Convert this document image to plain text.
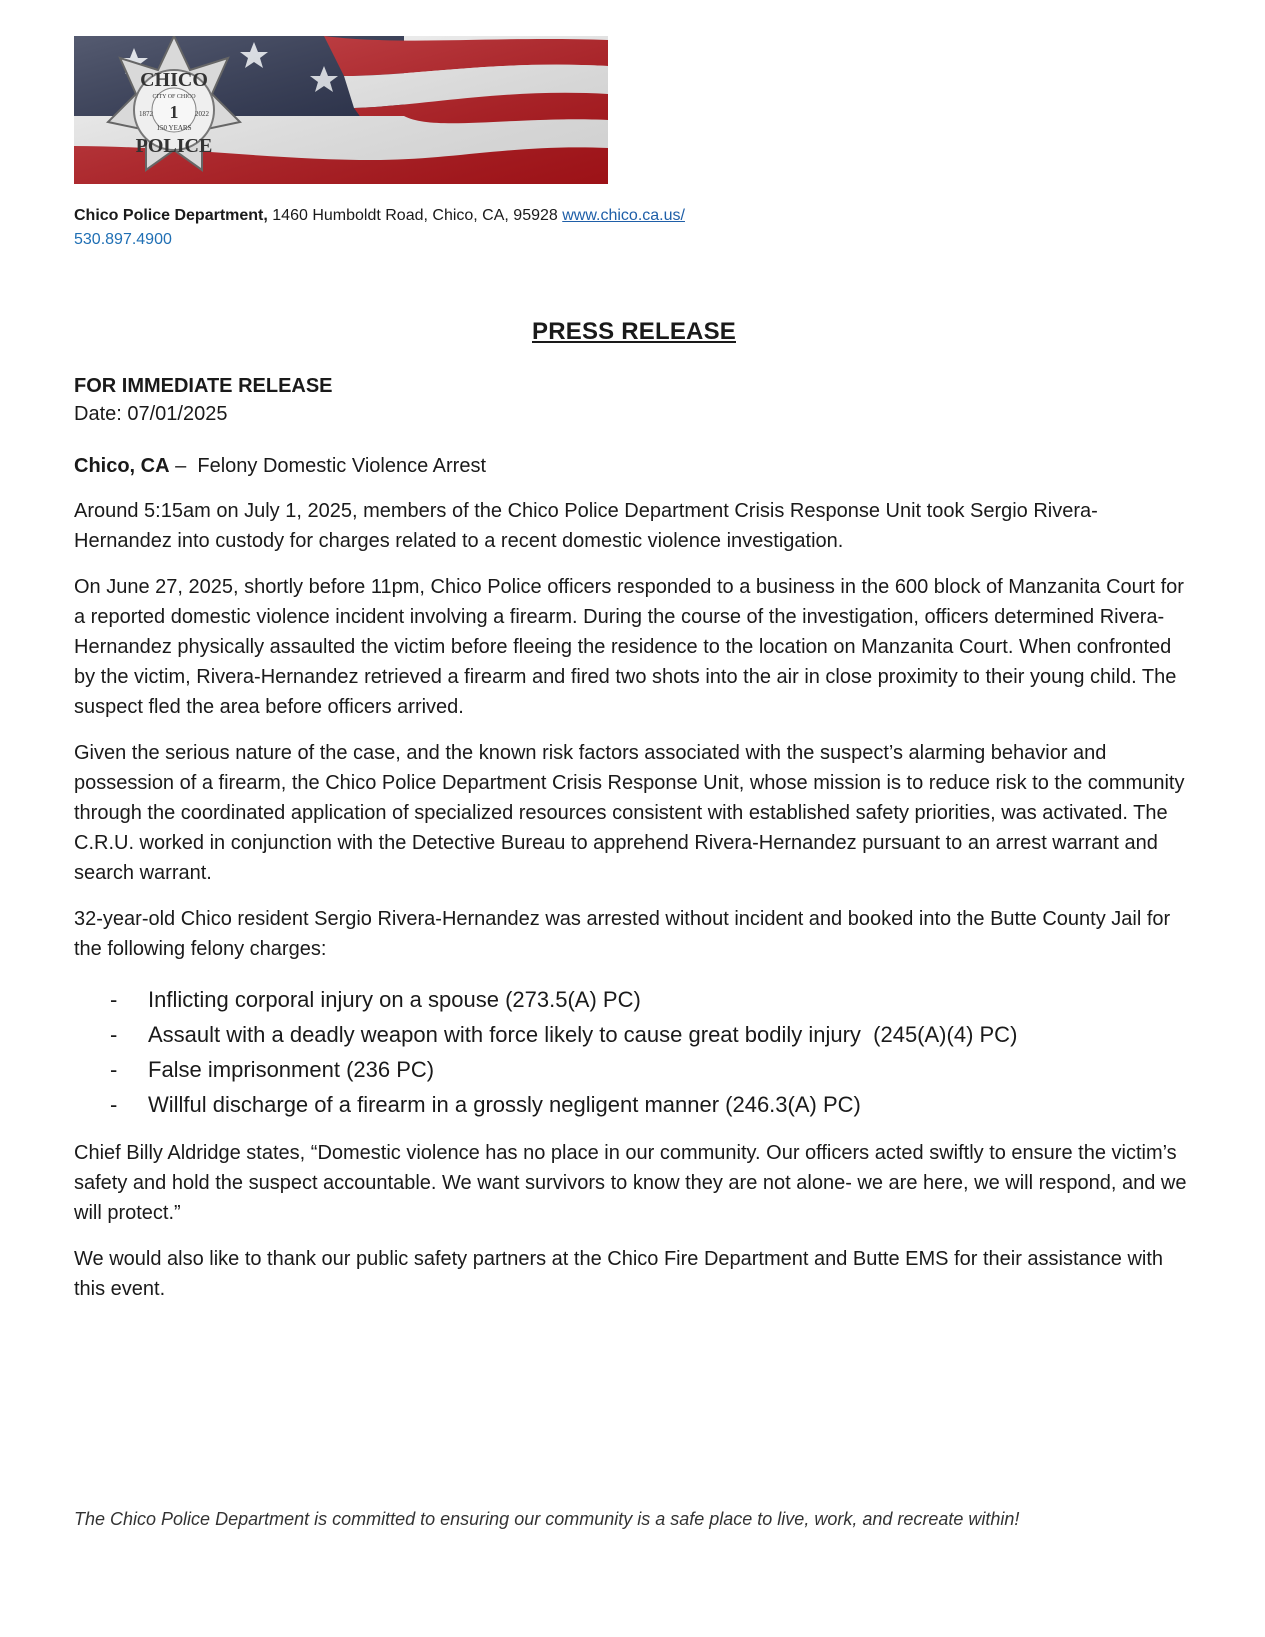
CHICO
POLICE
CITY OF CHICO
1
1872	2022
150 YEARS
Chico Police Department, 1460 Humboldt Road, Chico, CA, 95928 www.chico.ca.us/
530.897.4900
PRESS RELEASE
FOR IMMEDIATE RELEASE
Date: 07/01/2025
Chico, CA –  Felony Domestic Violence Arrest

Around 5:15am on July 1, 2025, members of the Chico Police Department Crisis Response Unit took Sergio Rivera-Hernandez into custody for charges related to a recent domestic violence investigation.

On June 27, 2025, shortly before 11pm, Chico Police officers responded to a business in the 600 block of Manzanita Court for a reported domestic violence incident involving a firearm. During the course of the investigation, officers determined Rivera-Hernandez physically assaulted the victim before fleeing the residence to the location on Manzanita Court. When confronted by the victim, Rivera-Hernandez retrieved a firearm and fired two shots into the air in close proximity to their young child. The suspect fled the area before officers arrived.

Given the serious nature of the case, and the known risk factors associated with the suspect’s alarming behavior and possession of a firearm, the Chico Police Department Crisis Response Unit, whose mission is to reduce risk to the community through the coordinated application of specialized resources consistent with established safety priorities, was activated. The C.R.U. worked in conjunction with the Detective Bureau to apprehend Rivera-Hernandez pursuant to an arrest warrant and search warrant.

32-year-old Chico resident Sergio Rivera-Hernandez was arrested without incident and booked into the Butte County Jail for the following felony charges:

- Inflicting corporal injury on a spouse (273.5(A) PC)
- Assault with a deadly weapon with force likely to cause great bodily injury  (245(A)(4) PC)
- False imprisonment (236 PC)
- Willful discharge of a firearm in a grossly negligent manner (246.3(A) PC)

Chief Billy Aldridge states, “Domestic violence has no place in our community. Our officers acted swiftly to ensure the victim’s safety and hold the suspect accountable. We want survivors to know they are not alone- we are here, we will respond, and we will protect.”

We would also like to thank our public safety partners at the Chico Fire Department and Butte EMS for their assistance with this event.

The Chico Police Department is committed to ensuring our community is a safe place to live, work, and recreate within!
